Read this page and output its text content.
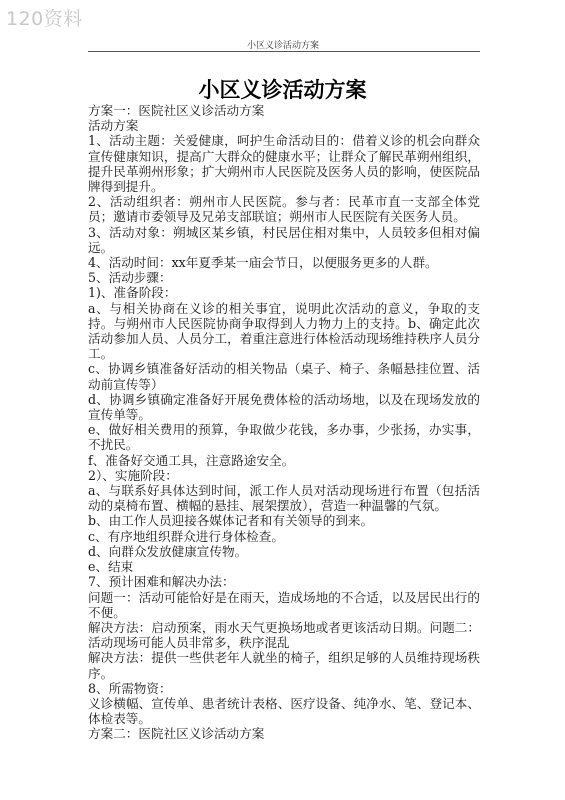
120资料
小区义诊活动方案
小区义诊活动方案

方案一：医院社区义诊活动方案

活动方案

1、活动主题：关爱健康，呵护生命活动目的：借着义诊的机会向群众宣传健康知识，提高广大群众的健康水平；让群众了解民革朔州组织，提升民革朔州形象；扩大朔州市人民医院及医务人员的影响，使医院品牌得到提升。

2、活动组织者：朔州市人民医院。参与者：民革市直一支部全体党员；邀请市委领导及兄弟支部联谊；朔州市人民医院有关医务人员。

3、活动对象：朔城区某乡镇，村民居住相对集中，人员较多但相对偏远。

4、活动时间：xx年夏季某一庙会节日，以便服务更多的人群。

5、活动步骤：

1)、准备阶段：

a、与相关协商在义诊的相关事宜，说明此次活动的意义，争取的支持。与朔州市人民医院协商争取得到人力物力上的支持。b、确定此次活动参加人员、人员分工，着重注意进行体检活动现场维持秩序人员分工。

c、协调乡镇准备好活动的相关物品（桌子、椅子、条幅悬挂位置、活动前宣传等）

d、协调乡镇确定准备好开展免费体检的活动场地，以及在现场发放的宣传单等。

e、做好相关费用的预算，争取做少花钱，多办事，少张扬，办实事，不扰民。

f、准备好交通工具，注意路途安全。

2）、实施阶段：

a、与联系好具体达到时间，派工作人员对活动现场进行布置（包括活动的桌椅布置、横幅的悬挂、展架摆放），营造一种温馨的气氛。

b、由工作人员迎接各媒体记者和有关领导的到来。

c、有序地组织群众进行身体检查。

d、向群众发放健康宣传物。

e、结束

7、预计困难和解决办法：

问题一：活动可能恰好是在雨天，造成场地的不合适，以及居民出行的不便。

解决方法：启动预案，雨水天气更换场地或者更该活动日期。问题二：活动现场可能人员非常多，秩序混乱

解决方法：提供一些供老年人就坐的椅子，组织足够的人员维持现场秩序。

8、所需物资：

义诊横幅、宣传单、患者统计表格、医疗设备、纯净水、笔、登记本、体检表等。

方案二：医院社区义诊活动方案
